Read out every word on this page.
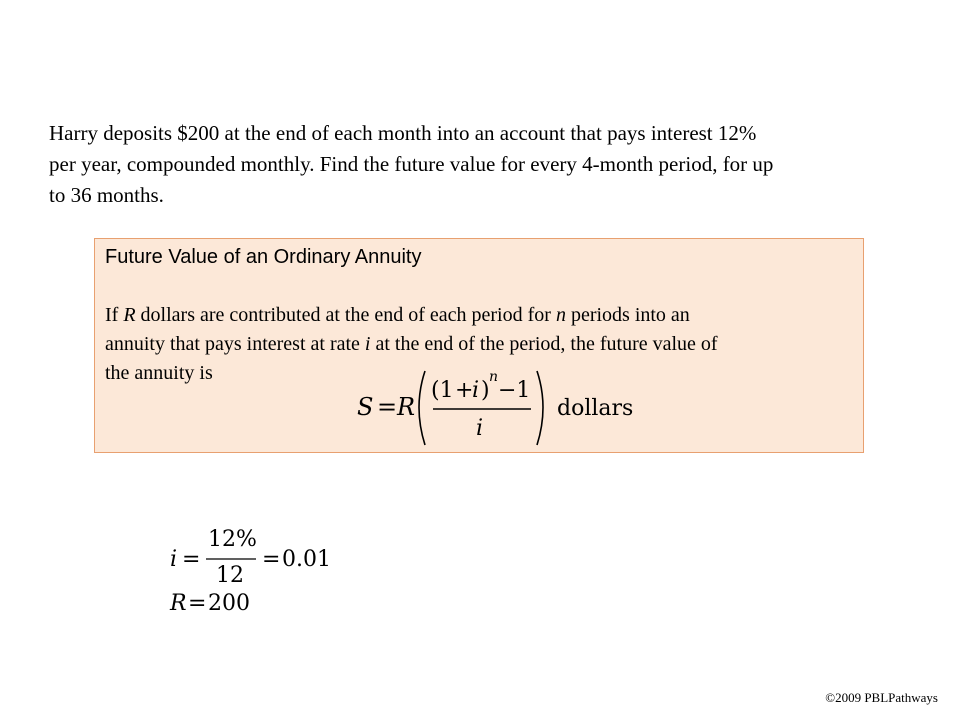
Harry deposits $200 at the end of each month into an account that pays interest 12%
per year, compounded monthly. Find the future value for every 4-month period, for up
to 36 months.

Future Value of an Ordinary Annuity

If R dollars are contributed at the end of each period for n periods into an
annuity that pays interest at rate i at the end of the period, the future value of
the annuity is

S = R
(1 +
i )
n
−1
i
dollars
i =
12%
12
= 0.01
R = 200

©2009 PBLPathways
